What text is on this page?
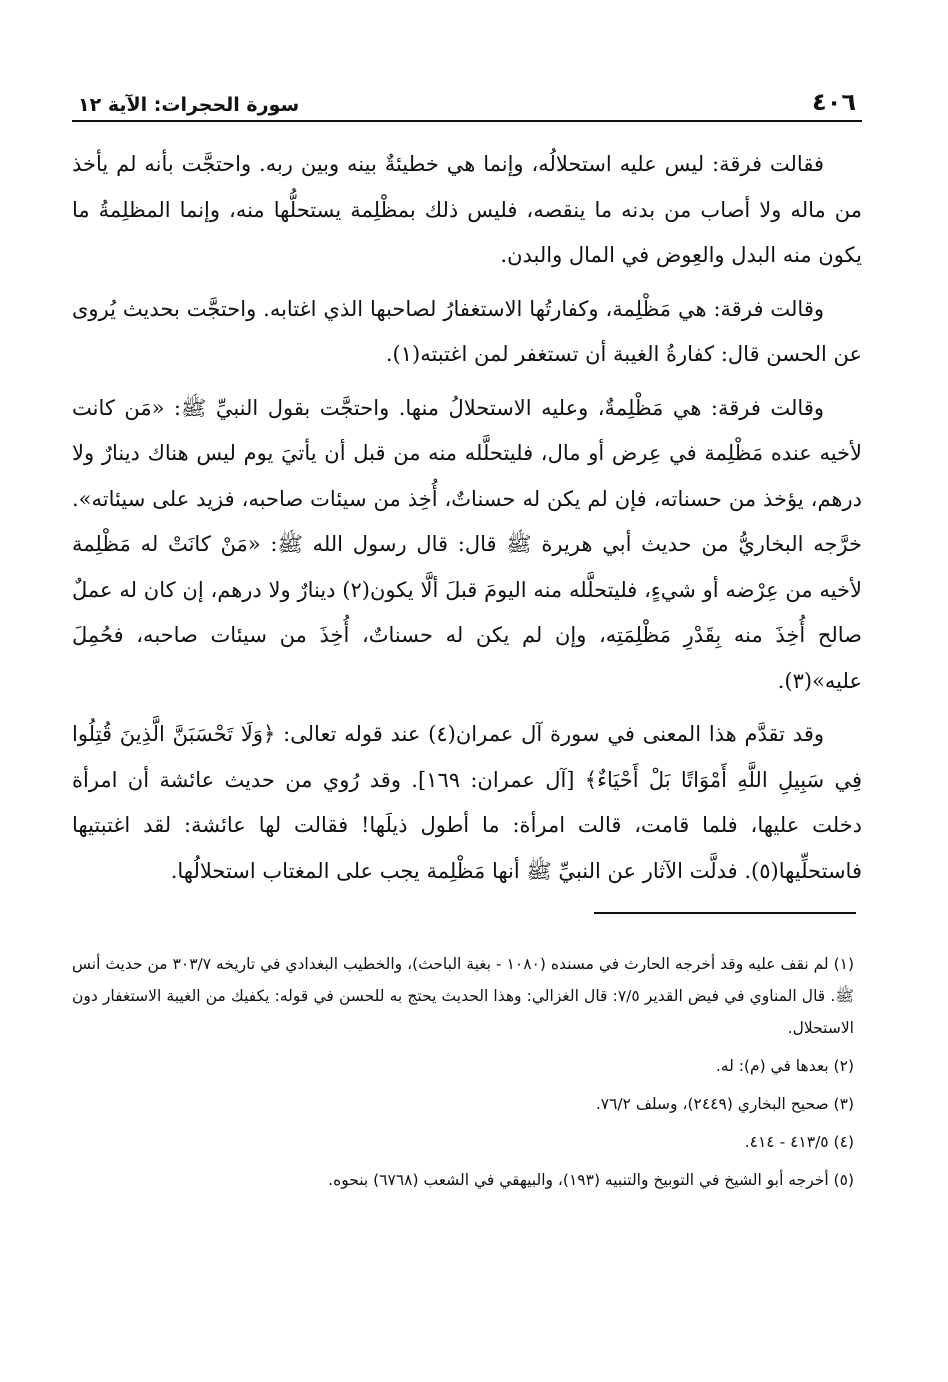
٤٠٦
سورة الحجرات: الآية ١٢

فقالت فرقة: ليس عليه استحلالُه، وإنما هي خطيئةٌ بينه وبين ربه. واحتجَّت بأنه لم يأخذ من ماله ولا أصاب من بدنه ما ينقصه، فليس ذلك بمظْلِمة يستحلُّها منه، وإنما المظلِمةُ ما يكون منه البدل والعِوض في المال والبدن.

وقالت فرقة: هي مَظْلِمة، وكفارتُها الاستغفارُ لصاحبها الذي اغتابه. واحتجَّت بحديث يُروى عن الحسن قال: كفارةُ الغيبة أن تستغفر لمن اغتبته(١).

وقالت فرقة: هي مَظْلِمةٌ، وعليه الاستحلالُ منها. واحتجَّت بقول النبيِّ ﷺ: «مَن كانت لأخيه عنده مَظْلِمة في عِرض أو مال، فليتحلَّله منه من قبل أن يأتيَ يوم ليس هناك دينارٌ ولا درهم، يؤخذ من حسناته، فإن لم يكن له حسناتٌ، أُخِذ من سيئات صاحبه، فزيد على سيئاته». خرَّجه البخاريُّ من حديث أبي هريرة ﷺ قال: قال رسول الله ﷺ: «مَنْ كانَتْ له مَظْلِمة لأخيه من عِرْضه أو شيءٍ، فليتحلَّله منه اليومَ قبلَ ألَّا يكون(٢) دينارٌ ولا درهم، إن كان له عملٌ صالح أُخِذَ منه بِقَدْرِ مَظْلِمَتِه، وإن لم يكن له حسناتٌ، أُخِذَ من سيئات صاحبه، فحُمِلَ عليه»(٣).

وقد تقدَّم هذا المعنى في سورة آل عمران(٤) عند قوله تعالى: ﴿وَلَا تَحْسَبَنَّ الَّذِينَ قُتِلُوا فِي سَبِيلِ اللَّهِ أَمْوَاتًا بَلْ أَحْيَاءٌ﴾ [آل عمران: ١٦٩]. وقد رُوي من حديث عائشة أن امرأة دخلت عليها، فلما قامت، قالت امرأة: ما أطول ذيلَها! فقالت لها عائشة: لقد اغتبتيها فاستحلِّيها(٥). فدلَّت الآثار عن النبيِّ ﷺ أنها مَظْلِمة يجب على المغتاب استحلالُها.

(١) لم نقف عليه وقد أخرجه الحارث في مسنده (١٠٨٠ - بغية الباحث)، والخطيب البغدادي في تاريخه ٣٠٣/٧ من حديث أنس ﷺ. قال المناوي في فيض القدير ٧/٥: قال الغزالي: وهذا الحديث يحتج به للحسن في قوله: يكفيك من الغيبة الاستغفار دون الاستحلال.

(٢) بعدها في (م): له.

(٣) صحيح البخاري (٢٤٤٩)، وسلف ٧٦/٢.

(٤) ٤١٣/٥ - ٤١٤.

(٥) أخرجه أبو الشيخ في التوبيخ والتنبيه (١٩٣)، والبيهقي في الشعب (٦٧٦٨) بنحوه.
